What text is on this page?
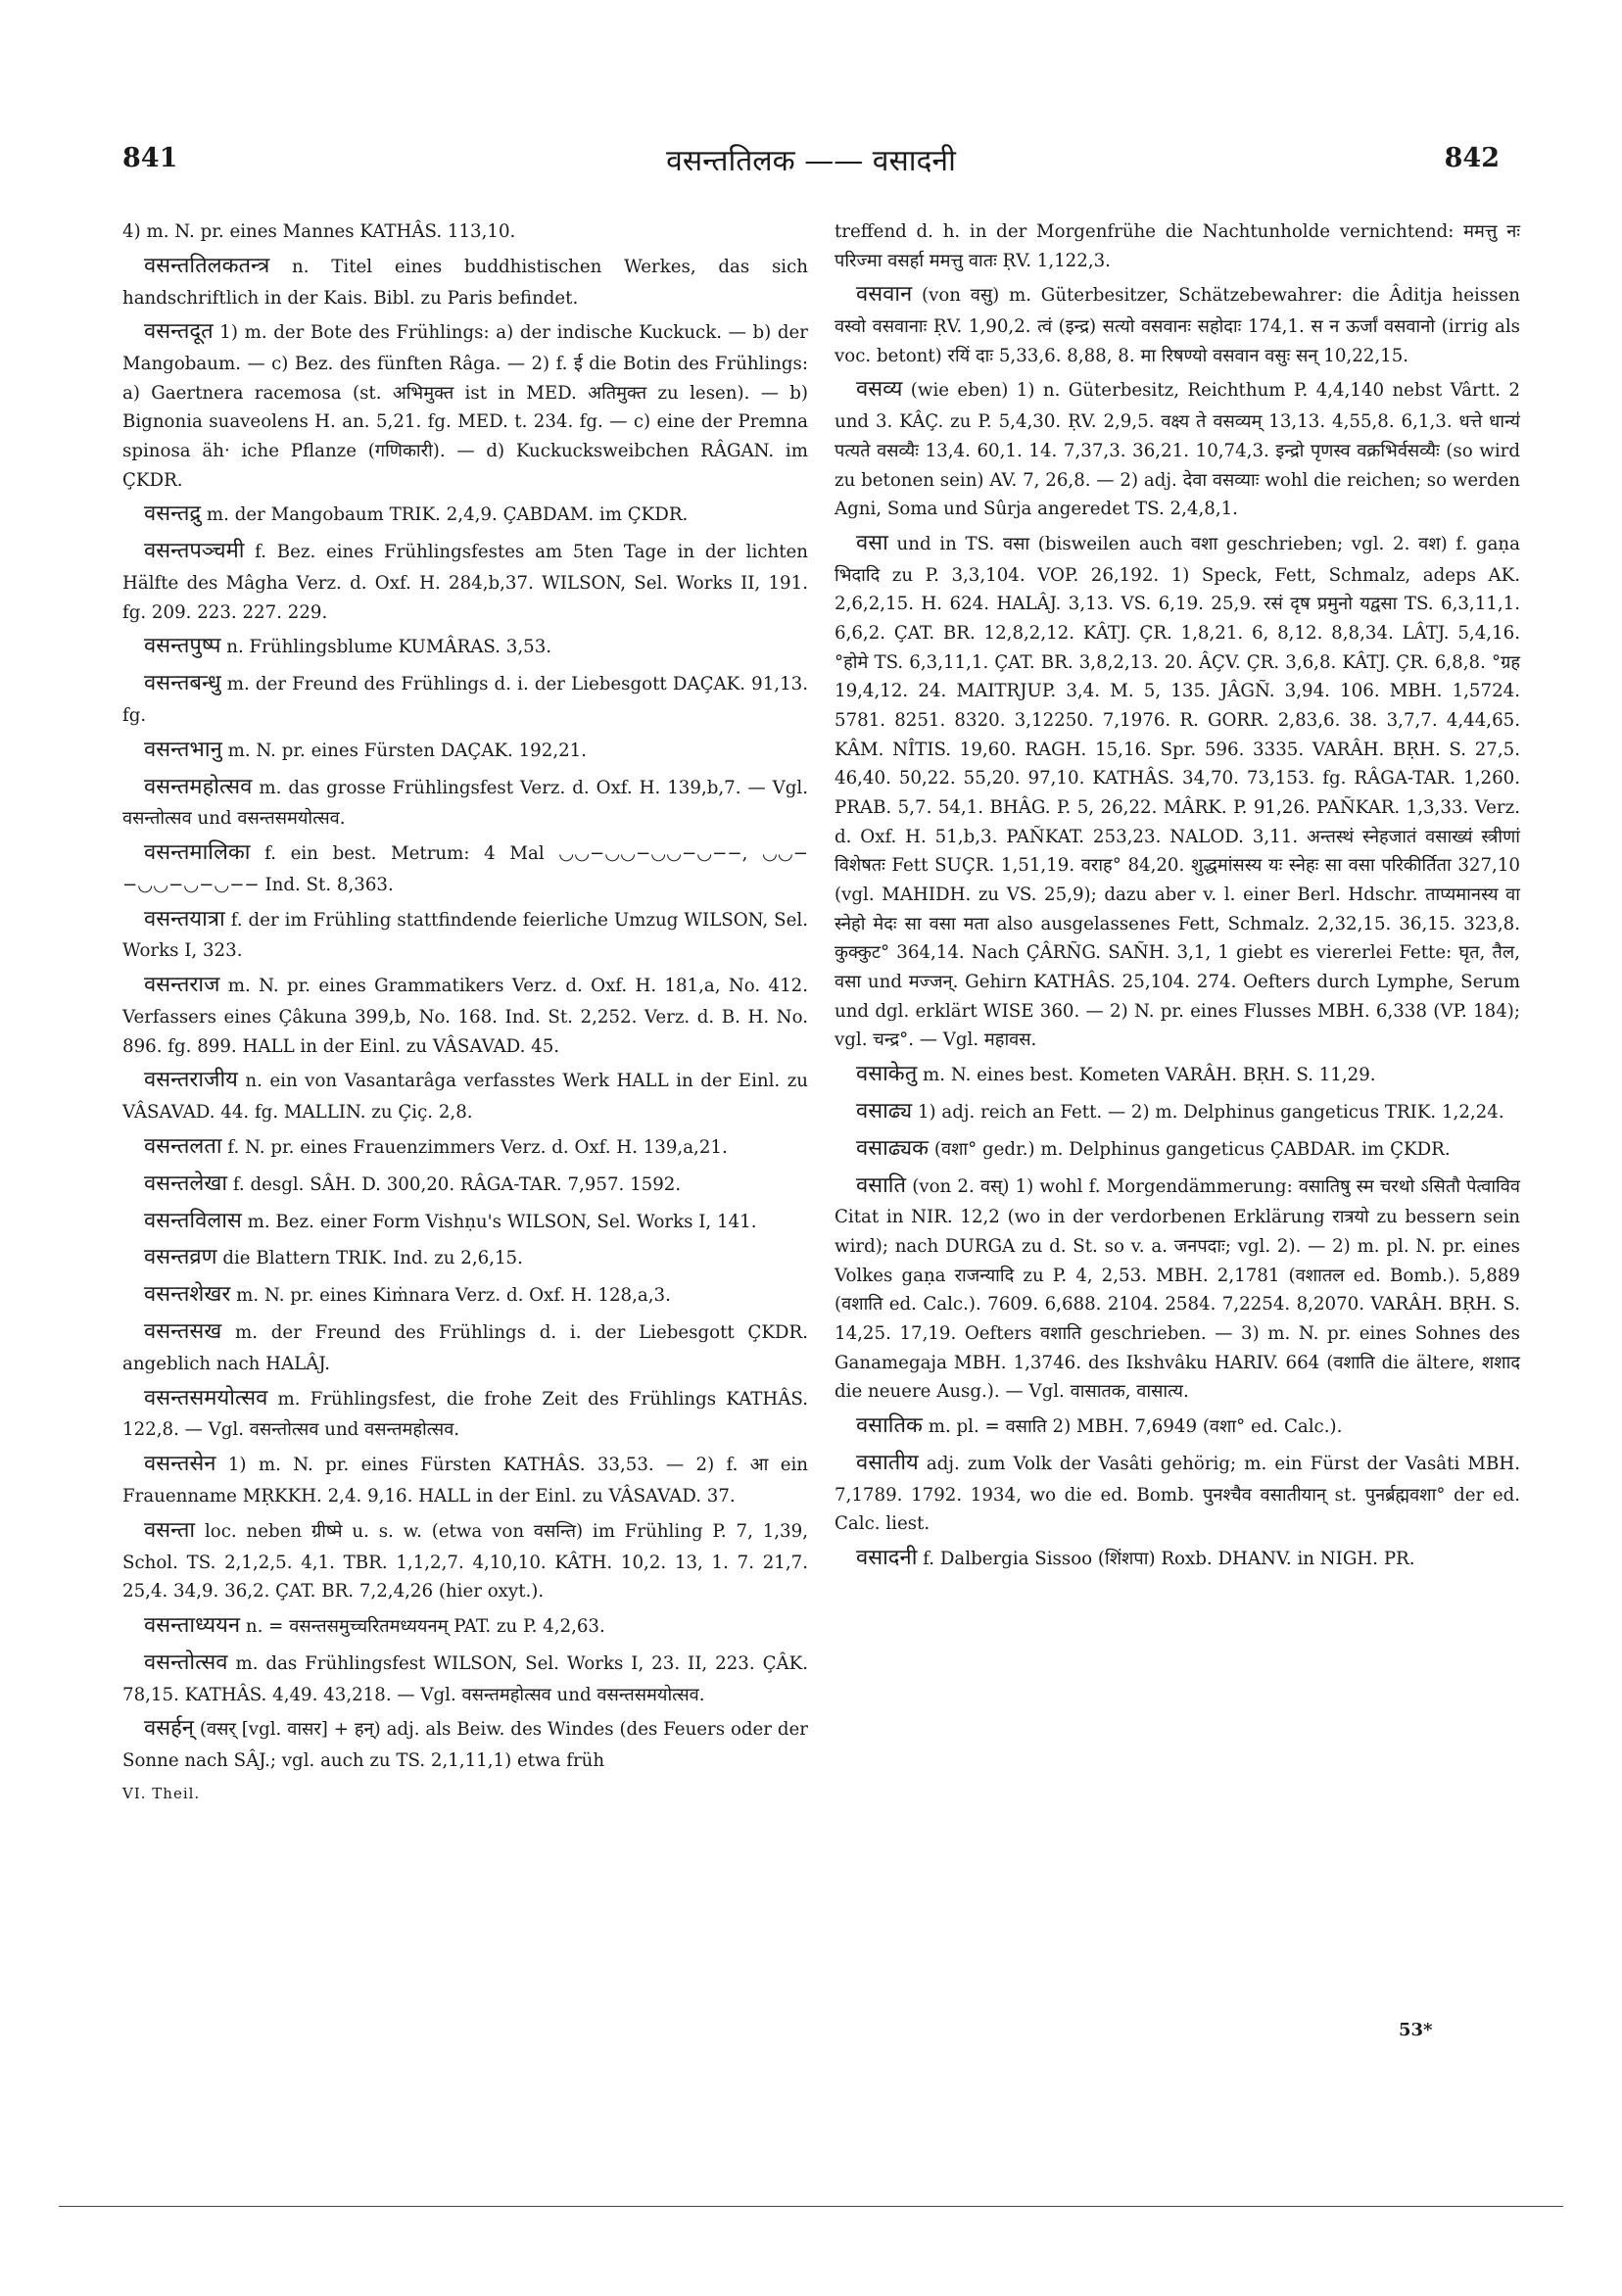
841	वसन्ततिलक —— वसादनी	842

4) m. N. pr. eines Mannes KATHÂS. 113,10.

वसन्ततिलकतन्त्र n. Titel eines buddhistischen Werkes, das sich handschriftlich in der Kais. Bibl. zu Paris befindet.

वसन्तदूत 1) m. der Bote des Frühlings: a) der indische Kuckuck. — b) der Mangobaum. — c) Bez. des fünften Râga. — 2) f. ई die Botin des Frühlings: a) Gaertnera racemosa (st. अभिमुक्त ist in MED. अतिमुक्त zu lesen). — b) Bignonia suaveolens H. an. 5,21. fg. MED. t. 234. fg. — c) eine der Premna spinosa äh· iche Pflanze (गणिकारी). — d) Kuckucksweibchen RÂGAN. im ÇKDR.

वसन्तद्रु m. der Mangobaum TRIK. 2,4,9. ÇABDAM. im ÇKDR.

वसन्तपञ्चमी f. Bez. eines Frühlingsfestes am 5ten Tage in der lichten Hälfte des Mâgha Verz. d. Oxf. H. 284,b,37. WILSON, Sel. Works II, 191. fg. 209. 223. 227. 229.

वसन्तपुष्प n. Frühlingsblume KUMÂRAS. 3,53.

वसन्तबन्धु m. der Freund des Frühlings d. i. der Liebesgott DAÇAK. 91,13. fg.

वसन्तभानु m. N. pr. eines Fürsten DAÇAK. 192,21.

वसन्तमहोत्सव m. das grosse Frühlingsfest Verz. d. Oxf. H. 139,b,7. — Vgl. वसन्तोत्सव und वसन्तसमयोत्सव.

वसन्तमालिका f. ein best. Metrum: 4 Mal ◡◡−◡◡−◡◡−◡−−, ◡◡−−◡◡−◡−◡−− Ind. St. 8,363.

वसन्तयात्रा f. der im Frühling stattfindende feierliche Umzug WILSON, Sel. Works I, 323.

वसन्तराज m. N. pr. eines Grammatikers Verz. d. Oxf. H. 181,a, No. 412. Verfassers eines Çâkuna 399,b, No. 168. Ind. St. 2,252. Verz. d. B. H. No. 896. fg. 899. HALL in der Einl. zu VÂSAVAD. 45.

वसन्तराजीय n. ein von Vasantarâga verfasstes Werk HALL in der Einl. zu VÂSAVAD. 44. fg. MALLIN. zu Çiç. 2,8.

वसन्तलता f. N. pr. eines Frauenzimmers Verz. d. Oxf. H. 139,a,21.

वसन्तलेखा f. desgl. SÂH. D. 300,20. RÂGA-TAR. 7,957. 1592.

वसन्तविलास m. Bez. einer Form Vishṇu's WILSON, Sel. Works I, 141.

वसन्तव्रण die Blattern TRIK. Ind. zu 2,6,15.

वसन्तशेखर m. N. pr. eines Kiṁnara Verz. d. Oxf. H. 128,a,3.

वसन्तसख m. der Freund des Frühlings d. i. der Liebesgott ÇKDR. angeblich nach HALÂJ.

वसन्तसमयोत्सव m. Frühlingsfest, die frohe Zeit des Frühlings KATHÂS. 122,8. — Vgl. वसन्तोत्सव und वसन्तमहोत्सव.

वसन्तसेन 1) m. N. pr. eines Fürsten KATHÂS. 33,53. — 2) f. आ ein Frauenname MṚKKH. 2,4. 9,16. HALL in der Einl. zu VÂSAVAD. 37.

वसन्ता loc. neben ग्रीष्मे u. s. w. (etwa von वसन्ति) im Frühling P. 7, 1,39, Schol. TS. 2,1,2,5. 4,1. TBR. 1,1,2,7. 4,10,10. KÂTH. 10,2. 13, 1. 7. 21,7. 25,4. 34,9. 36,2. ÇAT. BR. 7,2,4,26 (hier oxyt.).

वसन्ताध्ययन n. = वसन्तसमुच्चरितमध्ययनम् PAT. zu P. 4,2,63.

वसन्तोत्सव m. das Frühlingsfest WILSON, Sel. Works I, 23. II, 223. ÇÂK. 78,15. KATHÂS. 4,49. 43,218. — Vgl. वसन्तमहोत्सव und वसन्तसमयोत्सव.

वसर्हन् (वसर् [vgl. वासर] + हन्) adj. als Beiw. des Windes (des Feuers oder der Sonne nach SÂJ.; vgl. auch zu TS. 2,1,11,1) etwa früh

VI. Theil.

treffend d. h. in der Morgenfrühe die Nachtunholde vernichtend: ममत्तु नः परिज्मा वसर्हा ममत्तु वातः ṚV. 1,122,3.

वसवान (von वसु) m. Güterbesitzer, Schätzebewahrer: die Âditja heissen वस्वो वसवानाः ṚV. 1,90,2. त्वं (इन्द्र) सत्यो वसवानः सहोदाः 174,1. स न ऊर्जां वसवानो (irrig als voc. betont) रयिं दाः 5,33,6. 8,88, 8. मा रिषण्यो वसवान वसुः सन् 10,22,15.

वसव्य (wie eben) 1) n. Güterbesitz, Reichthum P. 4,4,140 nebst Vârtt. 2 und 3. KÂÇ. zu P. 5,4,30. ṚV. 2,9,5. वक्ष्य ते वसव्यम् 13,13. 4,55,8. 6,1,3. धत्ते धान्य॑ पत्यते वसव्यैः 13,4. 60,1. 14. 7,37,3. 36,21. 10,74,3. इन्द्रो पृणस्व वक्रभिर्वसव्यैः (so wird zu betonen sein) AV. 7, 26,8. — 2) adj. देवा वसव्याः wohl die reichen; so werden Agni, Soma und Sûrja angeredet TS. 2,4,8,1.

वसा und in TS. वसा (bisweilen auch वशा geschrieben; vgl. 2. वश) f. gaṇa भिदादि zu P. 3,3,104. VOP. 26,192. 1) Speck, Fett, Schmalz, adeps AK. 2,6,2,15. H. 624. HALÂJ. 3,13. VS. 6,19. 25,9. रसं दृष प्रमुनो यद्वसा TS. 6,3,11,1. 6,6,2. ÇAT. BR. 12,8,2,12. KÂTJ. ÇR. 1,8,21. 6, 8,12. 8,8,34. LÂTJ. 5,4,16. °होमे TS. 6,3,11,1. ÇAT. BR. 3,8,2,13. 20. ÂÇV. ÇR. 3,6,8. KÂTJ. ÇR. 6,8,8. °ग्रह 19,4,12. 24. MAITRJUP. 3,4. M. 5, 135. JÂGÑ. 3,94. 106. MBH. 1,5724. 5781. 8251. 8320. 3,12250. 7,1976. R. GORR. 2,83,6. 38. 3,7,7. 4,44,65. KÂM. NÎTIS. 19,60. RAGH. 15,16. Spr. 596. 3335. VARÂH. BṚH. S. 27,5. 46,40. 50,22. 55,20. 97,10. KATHÂS. 34,70. 73,153. fg. RÂGA-TAR. 1,260. PRAB. 5,7. 54,1. BHÂG. P. 5, 26,22. MÂRK. P. 91,26. PAÑKAR. 1,3,33. Verz. d. Oxf. H. 51,b,3. PAÑKAT. 253,23. NALOD. 3,11. अन्तस्थं स्नेहजातं वसाख्यं स्त्रीणां विशेषतः Fett SUÇR. 1,51,19. वराह° 84,20. शुद्धमांसस्य यः स्नेहः सा वसा परिकीर्तिता 327,10 (vgl. MAHIDH. zu VS. 25,9); dazu aber v. l. einer Berl. Hdschr. ताप्यमानस्य वा स्नेहो मेदः सा वसा मता also ausgelassenes Fett, Schmalz. 2,32,15. 36,15. 323,8. कुक्कुट° 364,14. Nach ÇÂRÑG. SAÑH. 3,1, 1 giebt es viererlei Fette: घृत, तैल, वसा und मज्जन्. Gehirn KATHÂS. 25,104. 274. Oefters durch Lymphe, Serum und dgl. erklärt WISE 360. — 2) N. pr. eines Flusses MBH. 6,338 (VP. 184); vgl. चन्द्र°. — Vgl. महावस.

वसाकेतु m. N. eines best. Kometen VARÂH. BṚH. S. 11,29.

वसाढ्य 1) adj. reich an Fett. — 2) m. Delphinus gangeticus TRIK. 1,2,24.

वसाढ्यक (वशा° gedr.) m. Delphinus gangeticus ÇABDAR. im ÇKDR.

वसाति (von 2. वस्) 1) wohl f. Morgendämmerung: वसातिषु स्म चरथो ऽसितौ पेत्वाविव Citat in NIR. 12,2 (wo in der verdorbenen Erklärung रात्रयो zu bessern sein wird); nach DURGA zu d. St. so v. a. जनपदाः; vgl. 2). — 2) m. pl. N. pr. eines Volkes gaṇa राजन्यादि zu P. 4, 2,53. MBH. 2,1781 (वशातल ed. Bomb.). 5,889 (वशाति ed. Calc.). 7609. 6,688. 2104. 2584. 7,2254. 8,2070. VARÂH. BṚH. S. 14,25. 17,19. Oefters वशाति geschrieben. — 3) m. N. pr. eines Sohnes des Ganamegaja MBH. 1,3746. des Ikshvâku HARIV. 664 (वशाति die ältere, शशाद die neuere Ausg.). — Vgl. वासातक, वासात्य.

वसातिक m. pl. = वसाति 2) MBH. 7,6949 (वशा° ed. Calc.).

वसातीय adj. zum Volk der Vasâti gehörig; m. ein Fürst der Vasâti MBH. 7,1789. 1792. 1934, wo die ed. Bomb. पुनश्चैव वसातीयान् st. पुनर्ब्रह्मवशा° der ed. Calc. liest.

वसादनी f. Dalbergia Sissoo (शिंशपा) Roxb. DHANV. in NIGH. PR.

53*
